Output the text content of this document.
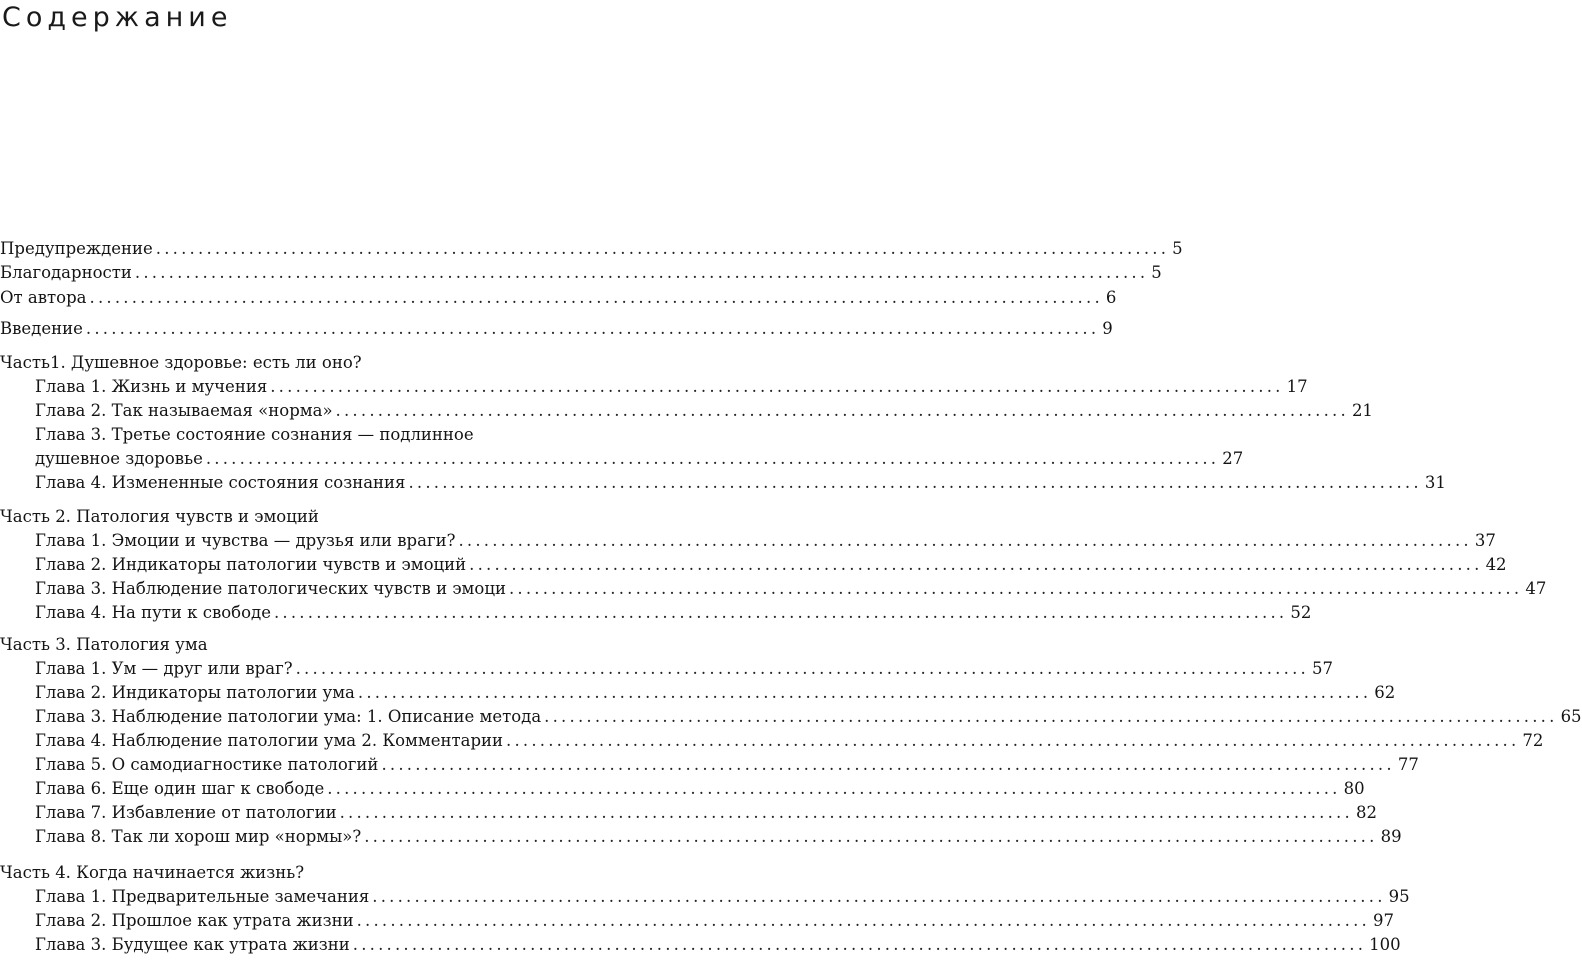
Содержание
Предупреждение ........................................................................................................................ 5
Благодарности ........................................................................................................................ 5
От автора ........................................................................................................................ 6
Введение ........................................................................................................................ 9
Часть1. Душевное здоровье: есть ли оно?
Глава 1. Жизнь и мучения ........................................................................................................................ 17
Глава 2. Так называемая «норма» ........................................................................................................................ 21
Глава 3. Третье состояние сознания — подлинное
душевное здоровье ........................................................................................................................ 27
Глава 4. Измененные состояния сознания ........................................................................................................................ 31
Часть 2. Патология чувств и эмоций
Глава 1. Эмоции и чувства — друзья или враги? ........................................................................................................................ 37
Глава 2. Индикаторы патологии чувств и эмоций ........................................................................................................................ 42
Глава 3. Наблюдение патологических чувств и эмоци ........................................................................................................................ 47
Глава 4. На пути к свободе ........................................................................................................................ 52
Часть 3. Патология ума
Глава 1. Ум — друг или враг? ........................................................................................................................ 57
Глава 2. Индикаторы патологии ума ........................................................................................................................ 62
Глава 3. Наблюдение патологии ума: 1. Описание метода ........................................................................................................................ 65
Глава 4. Наблюдение патологии ума 2. Комментарии ........................................................................................................................ 72
Глава 5. О самодиагностике патологий ........................................................................................................................ 77
Глава 6. Еще один шаг к свободе ........................................................................................................................ 80
Глава 7. Избавление от патологии ........................................................................................................................ 82
Глава 8. Так ли хорош мир «нормы»? ........................................................................................................................ 89
Часть 4. Когда начинается жизнь?
Глава 1. Предварительные замечания ........................................................................................................................ 95
Глава 2. Прошлое как утрата жизни ........................................................................................................................ 97
Глава 3. Будущее как утрата жизни ........................................................................................................................ 100
